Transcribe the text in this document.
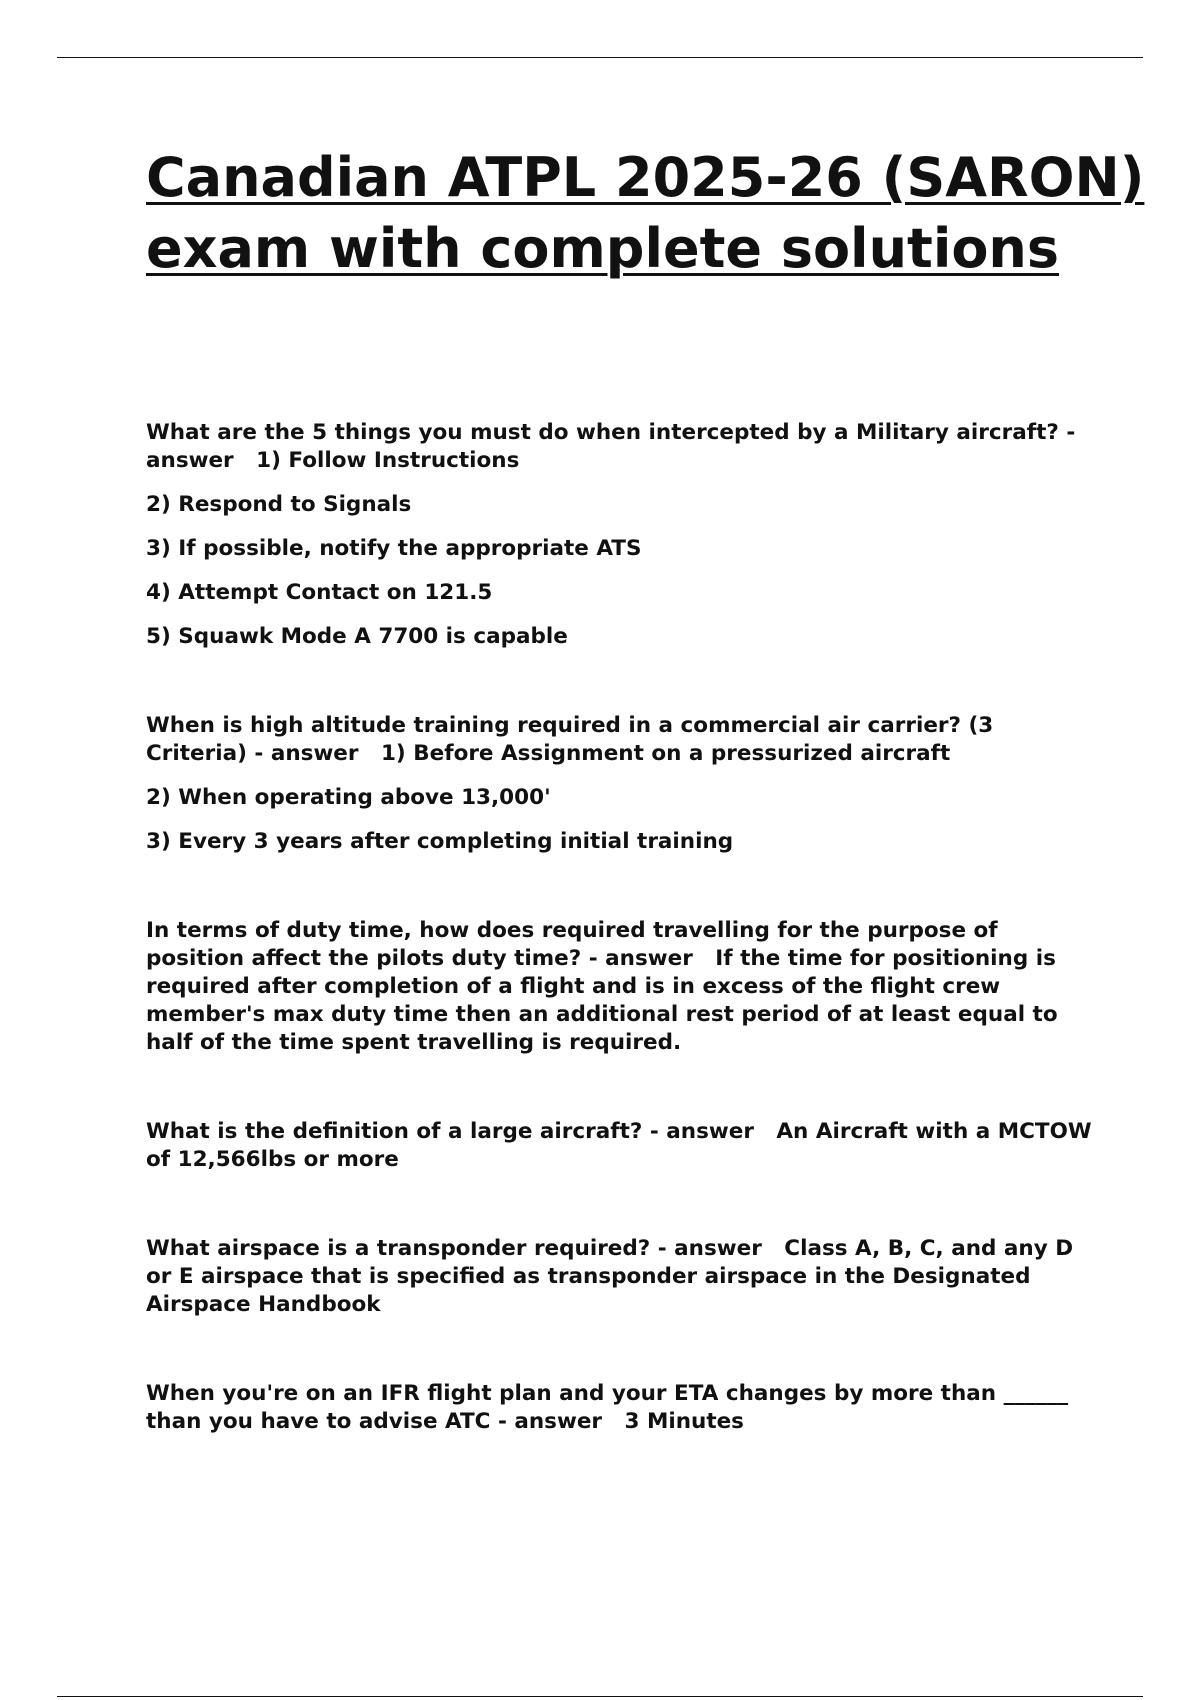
Canadian ATPL 2025-26 (SARON) exam with complete solutions

What are the 5 things you must do when intercepted by a Military aircraft? - answer 1) Follow Instructions

2) Respond to Signals

3) If possible, notify the appropriate ATS

4) Attempt Contact on 121.5

5) Squawk Mode A 7700 is capable

When is high altitude training required in a commercial air carrier? (3 Criteria) - answer 1) Before Assignment on a pressurized aircraft

2) When operating above 13,000'

3) Every 3 years after completing initial training

In terms of duty time, how does required travelling for the purpose of position affect the pilots duty time? - answer If the time for positioning is required after completion of a flight and is in excess of the flight crew member's max duty time then an additional rest period of at least equal to half of the time spent travelling is required.

What is the definition of a large aircraft? - answer An Aircraft with a MCTOW of 12,566lbs or more

What airspace is a transponder required? - answer Class A, B, C, and any D or E airspace that is specified as transponder airspace in the Designated Airspace Handbook

When you're on an IFR flight plan and your ETA changes by more than ______ than you have to advise ATC - answer 3 Minutes
